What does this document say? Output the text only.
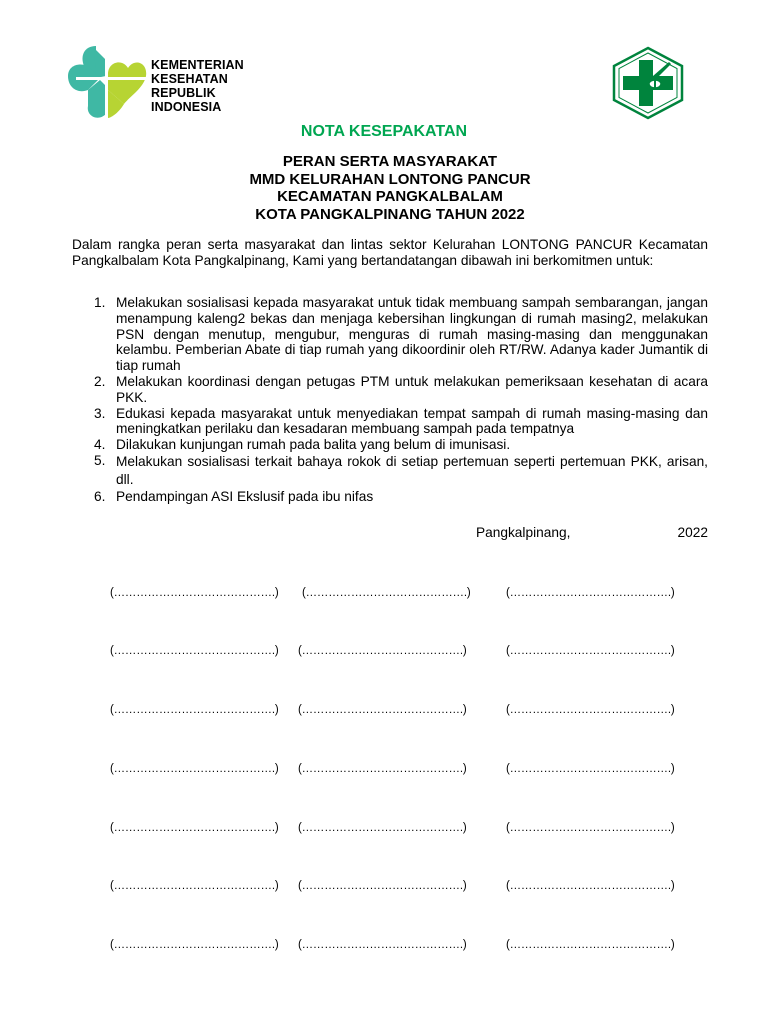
KEMENTERIAN
KESEHATAN
REPUBLIK
INDONESIA
NOTA KESEPAKATAN
PERAN SERTA MASYARAKAT
MMD KELURAHAN LONTONG PANCUR
KECAMATAN PANGKALBALAM
KOTA PANGKALPINANG TAHUN 2022
Dalam rangka peran serta masyarakat dan lintas sektor Kelurahan LONTONG PANCUR Kecamatan Pangkalbalam Kota Pangkalpinang, Kami yang bertandatangan dibawah ini berkomitmen untuk:
1. Melakukan sosialisasi kepada masyarakat untuk tidak membuang sampah sembarangan, jangan menampung kaleng2 bekas dan menjaga kebersihan lingkungan di rumah masing2, melakukan PSN dengan menutup, mengubur, menguras di rumah masing-masing dan menggunakan kelambu. Pemberian Abate di tiap rumah yang dikoordinir oleh RT/RW. Adanya kader Jumantik di tiap rumah
2. Melakukan koordinasi dengan petugas PTM untuk melakukan pemeriksaan kesehatan di acara PKK.
3. Edukasi kepada masyarakat untuk menyediakan tempat sampah di rumah masing-masing dan meningkatkan perilaku dan kesadaran membuang sampah pada tempatnya
4. Dilakukan kunjungan rumah pada balita yang belum di imunisasi.
5. Melakukan sosialisasi terkait bahaya rokok di setiap pertemuan seperti pertemuan PKK, arisan, dll.
6. Pendampingan ASI Ekslusif pada ibu nifas
Pangkalpinang,	2022
(…………………………………….) (…………………………………….)	(…………………………………….)
(…………………………………….) (…………………………………….)	(…………………………………….)
(…………………………………….) (…………………………………….)	(…………………………………….)
(…………………………………….) (…………………………………….)	(…………………………………….)
(…………………………………….) (…………………………………….)	(…………………………………….)
(…………………………………….) (…………………………………….)	(…………………………………….)
(…………………………………….) (…………………………………….)	(…………………………………….)
